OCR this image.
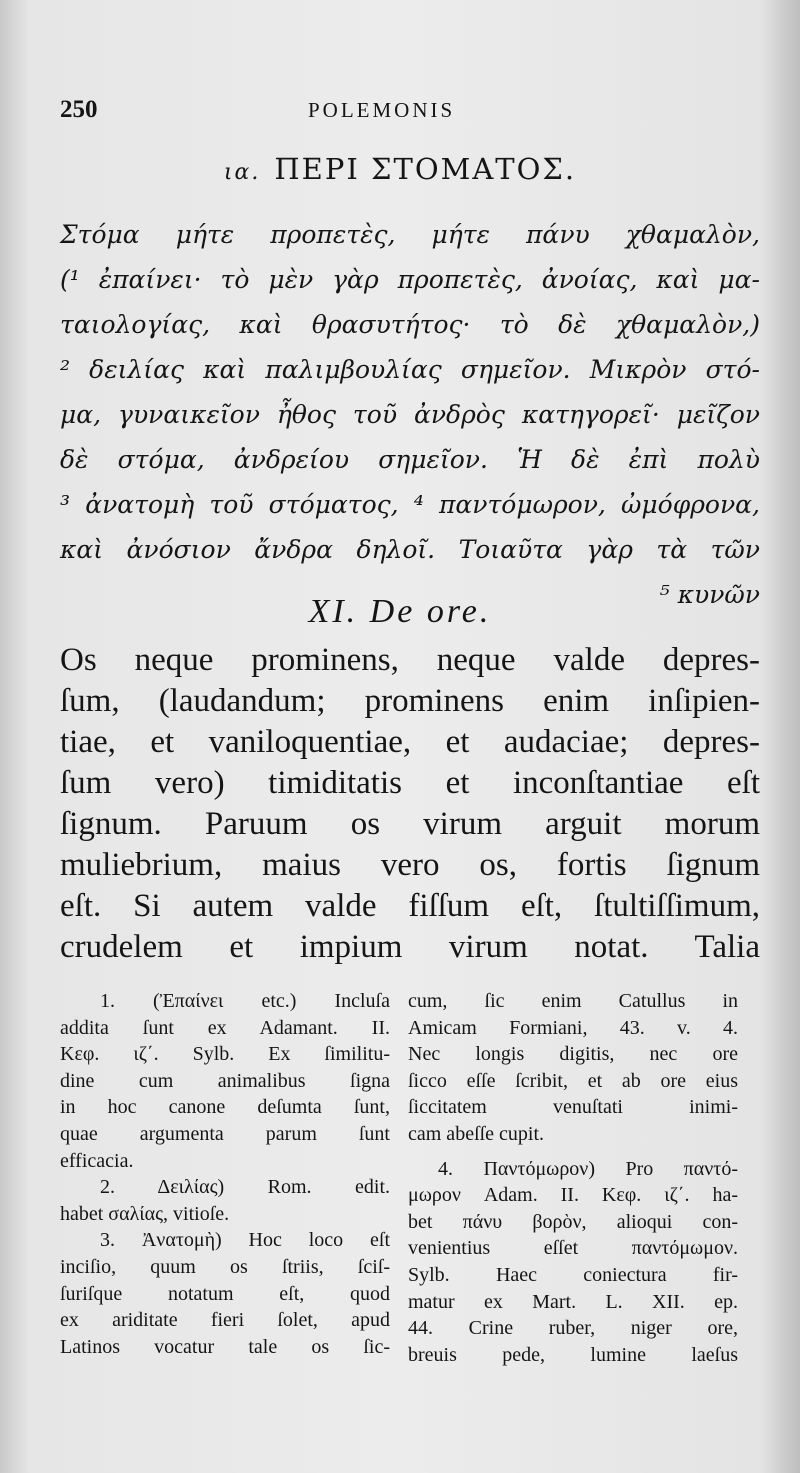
250	POLEMONIS
ια. ΠΕΡΙ ΣΤΟΜΑΤΟΣ.
Στόμα μήτε προπετὲς, μήτε πάνυ χθαμαλὸν,
(¹ ἐπαίνει· τὸ μὲν γὰρ προπετὲς, ἀνοίας, καὶ μα-
ταιολογίας, καὶ θρασυτήτος· τὸ δὲ χθαμαλὸν,)
² δειλίας καὶ παλιμβουλίας σημεῖον. Μικρὸν στό-
μα, γυναικεῖον ἦθος τοῦ ἀνδρὸς κατηγορεῖ· μεῖζον
δὲ στόμα, ἀνδρείου σημεῖον. Ἡ δὲ ἐπὶ πολὺ
³ ἀνατομὴ τοῦ στόματος, ⁴ παντόμωρον, ὠμόφρονα,
καὶ ἀνόσιον ἄνδρα δηλοῖ. Τοιαῦτα γὰρ τὰ τῶν
⁵ κυνῶν
XI. De ore.
Os neque prominens, neque valde depres-
ſum, (laudandum; prominens enim inſipien-
tiae, et vaniloquentiae, et audaciae; depres-
ſum vero) timiditatis et inconſtantiae eſt
ſignum. Paruum os virum arguit morum
muliebrium, maius vero os, fortis ſignum
eſt. Si autem valde fiſſum eſt, ſtultiſſimum,
crudelem et impium virum notat. Talia
1. (Ἐπαίνει etc.) Incluſa
addita ſunt ex Adamant. II.
Κεφ. ιζ΄. Sylb. Ex ſimilitu-
dine cum animalibus ſigna
in hoc canone deſumta ſunt,
quae argumenta parum ſunt
efficacia.
2. Δειλίας) Rom. edit.
habet σαλίας, vitioſe.
3. Ἀνατομὴ) Hoc loco eſt
inciſio, quum os ſtriis, ſciſ-
ſuriſque notatum eſt, quod
ex ariditate fieri ſolet, apud
Latinos vocatur tale os ſic-
cum, ſic enim Catullus in
Amicam Formiani, 43. v. 4.
Nec longis digitis, nec ore
ſicco eſſe ſcribit, et ab ore eius
ſiccitatem venuſtati inimi-
cam abeſſe cupit.
4. Παντόμωρον) Pro παντό-
μωρον Adam. II. Κεφ. ιζ΄. ha-
bet πάνυ βορὸν, alioqui con-
venientius eſſet παντόμωμον.
Sylb. Haec coniectura fir-
matur ex Mart. L. XII. ep.
44. Crine ruber, niger ore,
breuis pede, lumine laeſus
